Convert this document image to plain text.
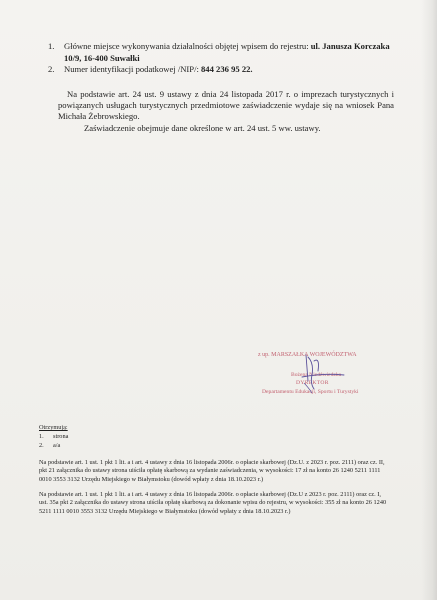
1.	Główne miejsce wykonywania działalności objętej wpisem do rejestru: ul. Janusza Korczaka 10/9, 16-400 Suwałki
2.	Numer identyfikacji podatkowej /NIP/: 844 236 95 22.
Na podstawie art. 24 ust. 9 ustawy z dnia 24 listopada 2017 r. o imprezach turystycznych i powiązanych usługach turystycznych przedmiotowe zaświadczenie wydaje się na wniosek Pana Michała Żebrowskiego.
Zaświadczenie obejmuje dane określone w art. 24 ust. 5 ww. ustawy.
z up. MARSZAŁKA WOJEWÓDZTWA
Bożena Niedźwiedzka
DYREKTOR
Departamentu Edukacji, Sportu i Turystyki
Otrzymują:
1. strona
2. a/a
Na podstawie art. 1 ust. 1 pkt 1 lit. a i art. 4 ustawy z dnia 16 listopada 2006r. o opłacie skarbowej (Dz.U. z 2023 r. poz. 2111) oraz cz. II, pkt 21 załącznika do ustawy strona uiściła opłatę skarbową za wydanie zaświadczenia, w wysokości: 17 zł na konto 26 1240 5211 1111 0010 3553 3132 Urzędu Miejskiego w Białymstoku (dowód wpłaty z dnia 18.10.2023 r.)
Na podstawie art. 1 ust. 1 pkt 1 lit. a i art. 4 ustawy z dnia 16 listopada 2006r. o opłacie skarbowej (Dz.U z 2023 r. poz. 2111) oraz cz. I, ust. 35a pkt 2 załącznika do ustawy strona uiściła opłatę skarbową za dokonanie wpisu do rejestru, w wysokości: 355 zł na konto 26 1240 5211 1111 0010 3553 3132 Urzędu Miejskiego w Białymstoku (dowód wpłaty z dnia 18.10.2023 r.)
